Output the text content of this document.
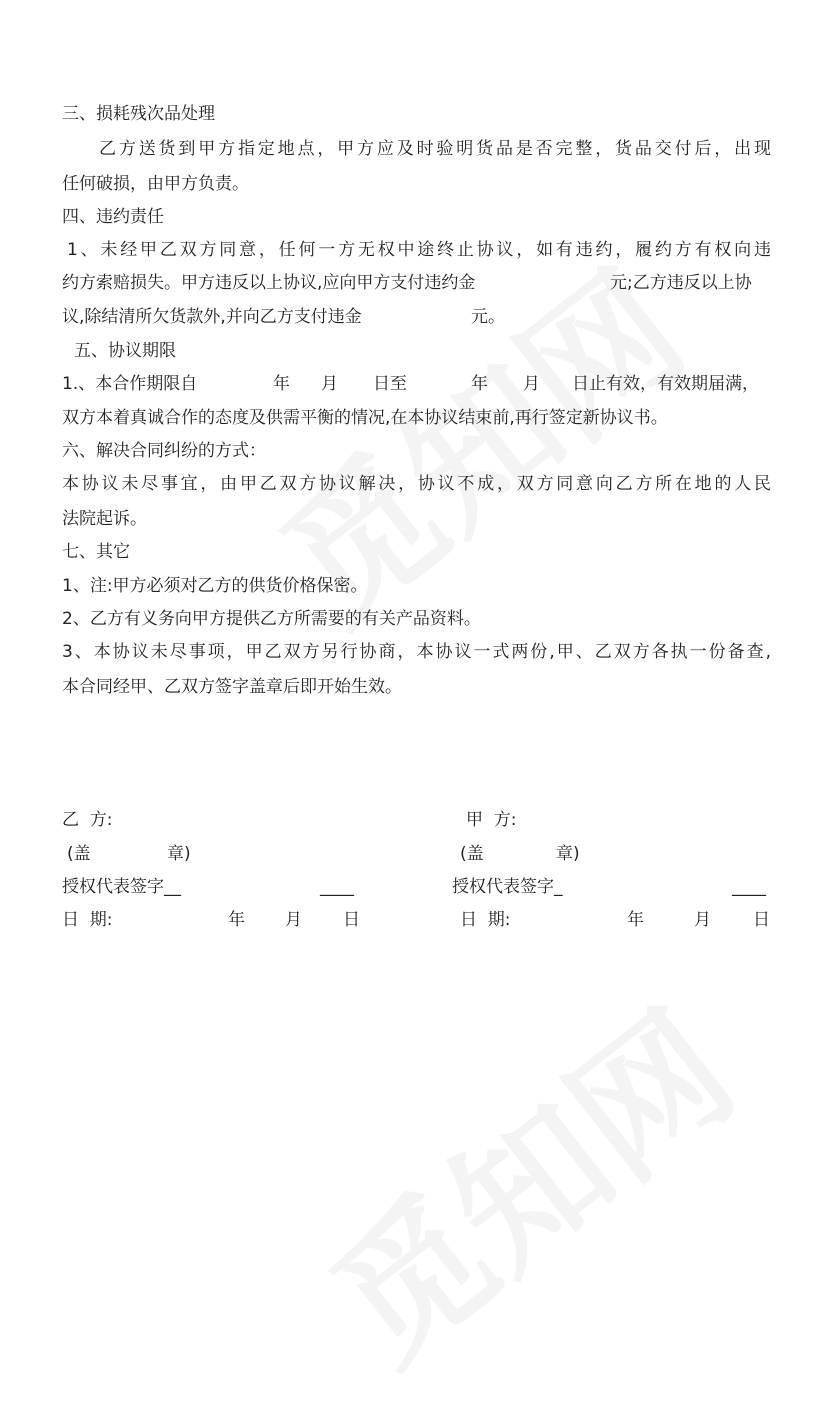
三、损耗残次品处理
乙方送货到甲方指定地点，甲方应及时验明货品是否完整，货品交付后，出现
任何破损，由甲方负责。
四、违约责任
1、未经甲乙双方同意，任何一方无权中途终止协议，如有违约，履约方有权向违
约方索赔损失。甲方违反以上协议,应向甲方支付违约金	元;乙方违反以上协
议,除结清所欠货款外,并向乙方支付违金	元。
五、协议期限
1.、本合作期限自	年 月 日至	年 月 日止有效，有效期届满，
双方本着真诚合作的态度及供需平衡的情况,在本协议结束前,再行签定新协议书。
六、解决合同纠纷的方式：
本协议未尽事宜，由甲乙双方协议解决，协议不成，双方同意向乙方所在地的人民
法院起诉。
七、其它
1、注:甲方必须对乙方的供货价格保密。
2、乙方有义务向甲方提供乙方所需要的有关产品资料。
3、本协议未尽事项，甲乙双方另行协商，本协议一式两份,甲、乙双方各执一份备查,
本合同经甲、乙双方签字盖章后即开始生效。
乙  方:
(盖	章)
授权代表签字__	____
日  期:	年 月 日
甲  方:
(盖	章)
授权代表签字_	____
日  期:	年	月 日
